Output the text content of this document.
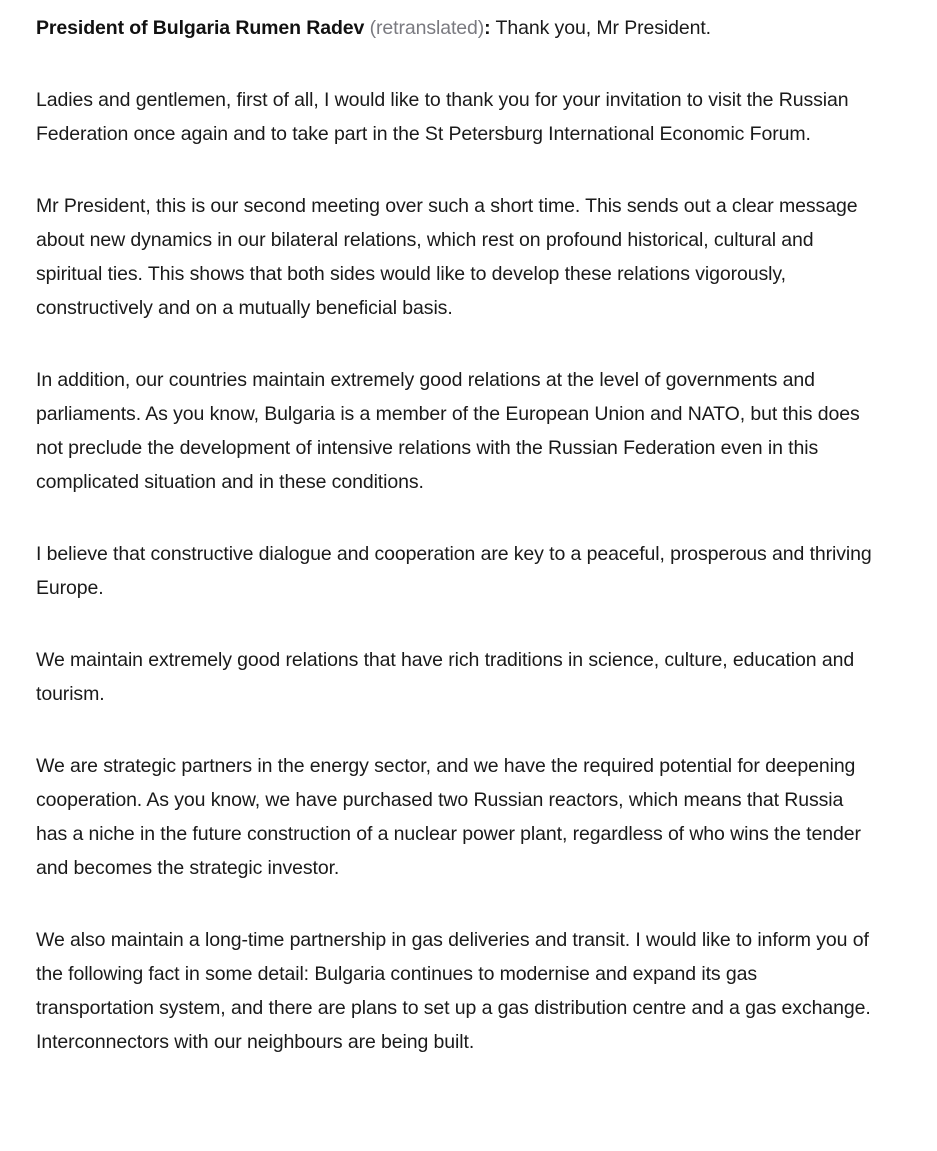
President of Bulgaria Rumen Radev (retranslated): Thank you, Mr President.

Ladies and gentlemen, first of all, I would like to thank you for your invitation to visit the Russian Federation once again and to take part in the St Petersburg International Economic Forum.

Mr President, this is our second meeting over such a short time. This sends out a clear message about new dynamics in our bilateral relations, which rest on profound historical, cultural and spiritual ties. This shows that both sides would like to develop these relations vigorously, constructively and on a mutually beneficial basis.

In addition, our countries maintain extremely good relations at the level of governments and parliaments. As you know, Bulgaria is a member of the European Union and NATO, but this does not preclude the development of intensive relations with the Russian Federation even in this complicated situation and in these conditions.

I believe that constructive dialogue and cooperation are key to a peaceful, prosperous and thriving Europe.

We maintain extremely good relations that have rich traditions in science, culture, education and tourism.

We are strategic partners in the energy sector, and we have the required potential for deepening cooperation. As you know, we have purchased two Russian reactors, which means that Russia has a niche in the future construction of a nuclear power plant, regardless of who wins the tender and becomes the strategic investor.

We also maintain a long-time partnership in gas deliveries and transit. I would like to inform you of the following fact in some detail: Bulgaria continues to modernise and expand its gas transportation system, and there are plans to set up a gas distribution centre and a gas exchange. Interconnectors with our neighbours are being built.
